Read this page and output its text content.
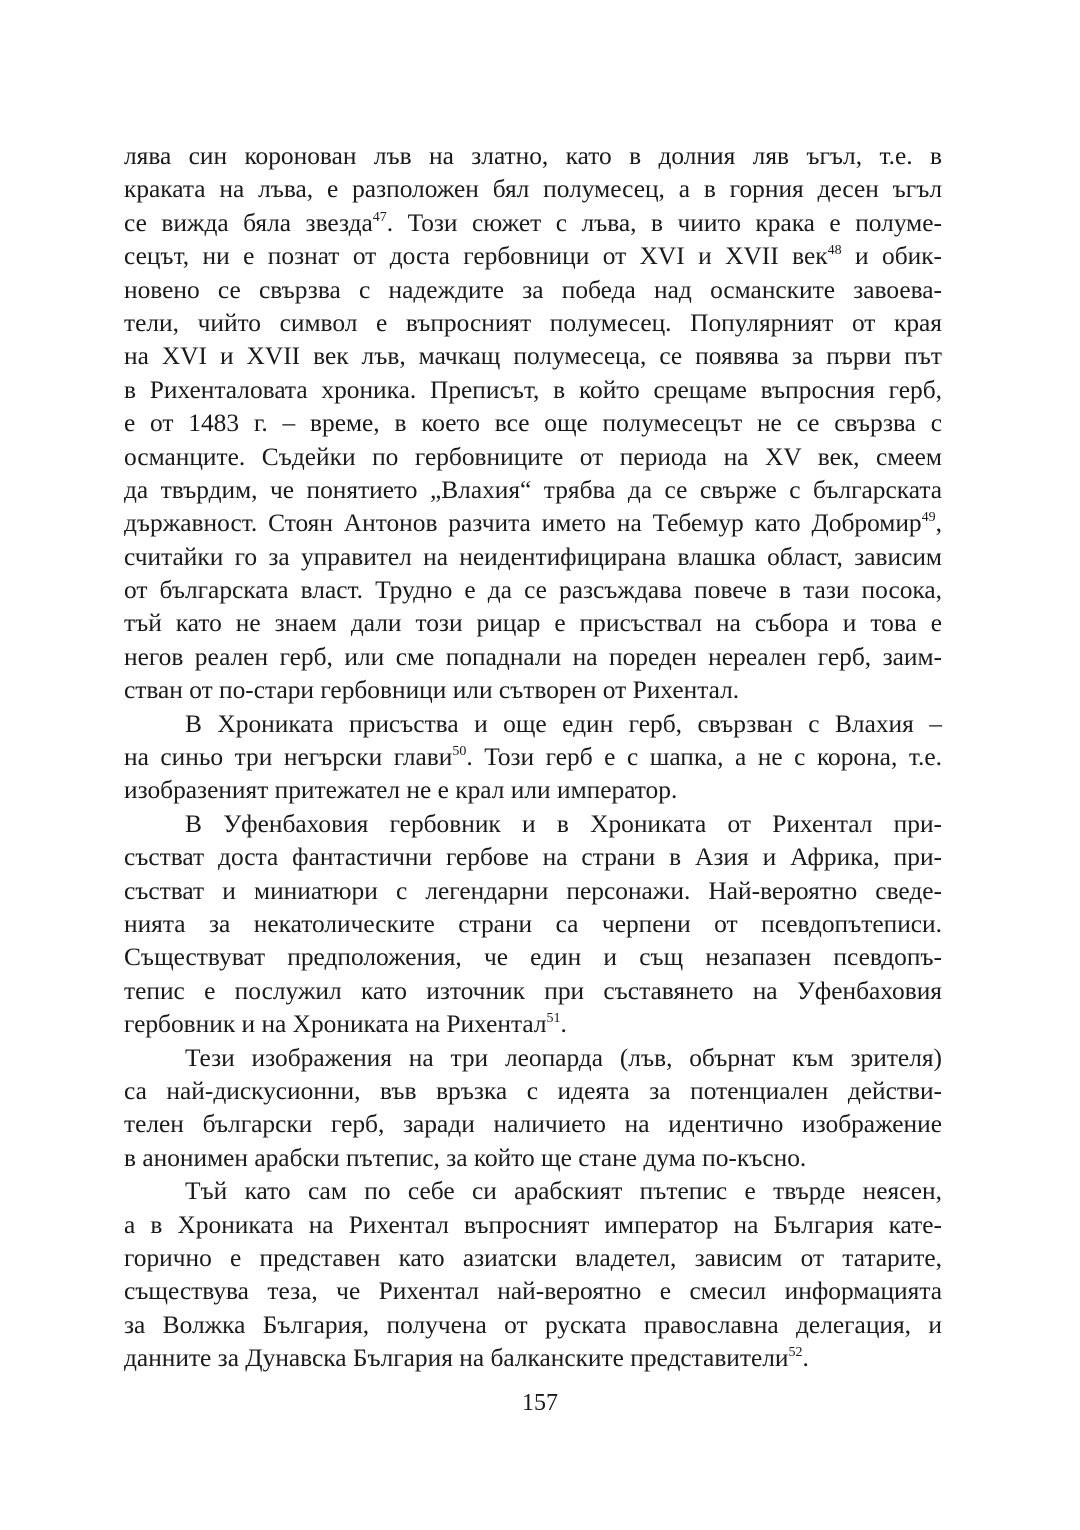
лява син коронован лъв на златно, като в долния ляв ъгъл, т.е. в
краката на лъва, е разположен бял полумесец, а в горния десен ъгъл
се вижда бяла звезда$^{47}$. Този сюжет с лъва, в чиито крака е полуме-
сецът, ни е познат от доста гербовници от XVI и XVII век$^{48}$ и обик-
новено се свързва с надеждите за победа над османските завоева-
тели, чийто символ е въпросният полумесец. Популярният от края
на XVI и XVII век лъв, мачкащ полумесеца, се появява за първи път
в Рихенталовата хроника. Преписът, в който срещаме въпросния герб,
е от 1483 г. – време, в което все още полумесецът не се свързва с
османците. Съдейки по гербовниците от периода на XV век, смеем
да твърдим, че понятието „Влахия“ трябва да се свърже с българската
държавност. Стоян Антонов разчита името на Тебемур като Добромир$^{49}$,
считайки го за управител на неидентифицирана влашка област, зависим
от българската власт. Трудно е да се разсъждава повече в тази посока,
тъй като не знаем дали този рицар е присъствал на събора и това е
негов реален герб, или сме попаднали на пореден нереален герб, заим-
стван от по-стари гербовници или сътворен от Рихентал.
В Хрониката присъства и още един герб, свързван с Влахия –
на синьо три негърски глави$^{50}$. Този герб е с шапка, а не с корона, т.е.
изобразеният притежател не е крал или император.
В Уфенбаховия гербовник и в Хрониката от Рихентал при-
състват доста фантастични гербове на страни в Азия и Африка, при-
състват и миниатюри с легендарни персонажи. Най-вероятно сведе-
нията за некатолическите страни са черпени от псевдопътеписи.
Съществуват предположения, че един и същ незапазен псевдопъ-
тепис е послужил като източник при съставянето на Уфенбаховия
гербовник и на Хрониката на Рихентал$^{51}$.
Тези изображения на три леопарда (лъв, обърнат към зрителя)
са най-дискусионни, във връзка с идеята за потенциален действи-
телен български герб, заради наличието на идентично изображение
в анонимен арабски пътепис, за който ще стане дума по-късно.
Тъй като сам по себе си арабският пътепис е твърде неясен,
а в Хрониката на Рихентал въпросният император на България кате-
горично е представен като азиатски владетел, зависим от татарите,
съществува теза, че Рихентал най-вероятно е смесил информацията
за Волжка България, получена от руската православна делегация, и
данните за Дунавска България на балканските представители$^{52}$.
157
